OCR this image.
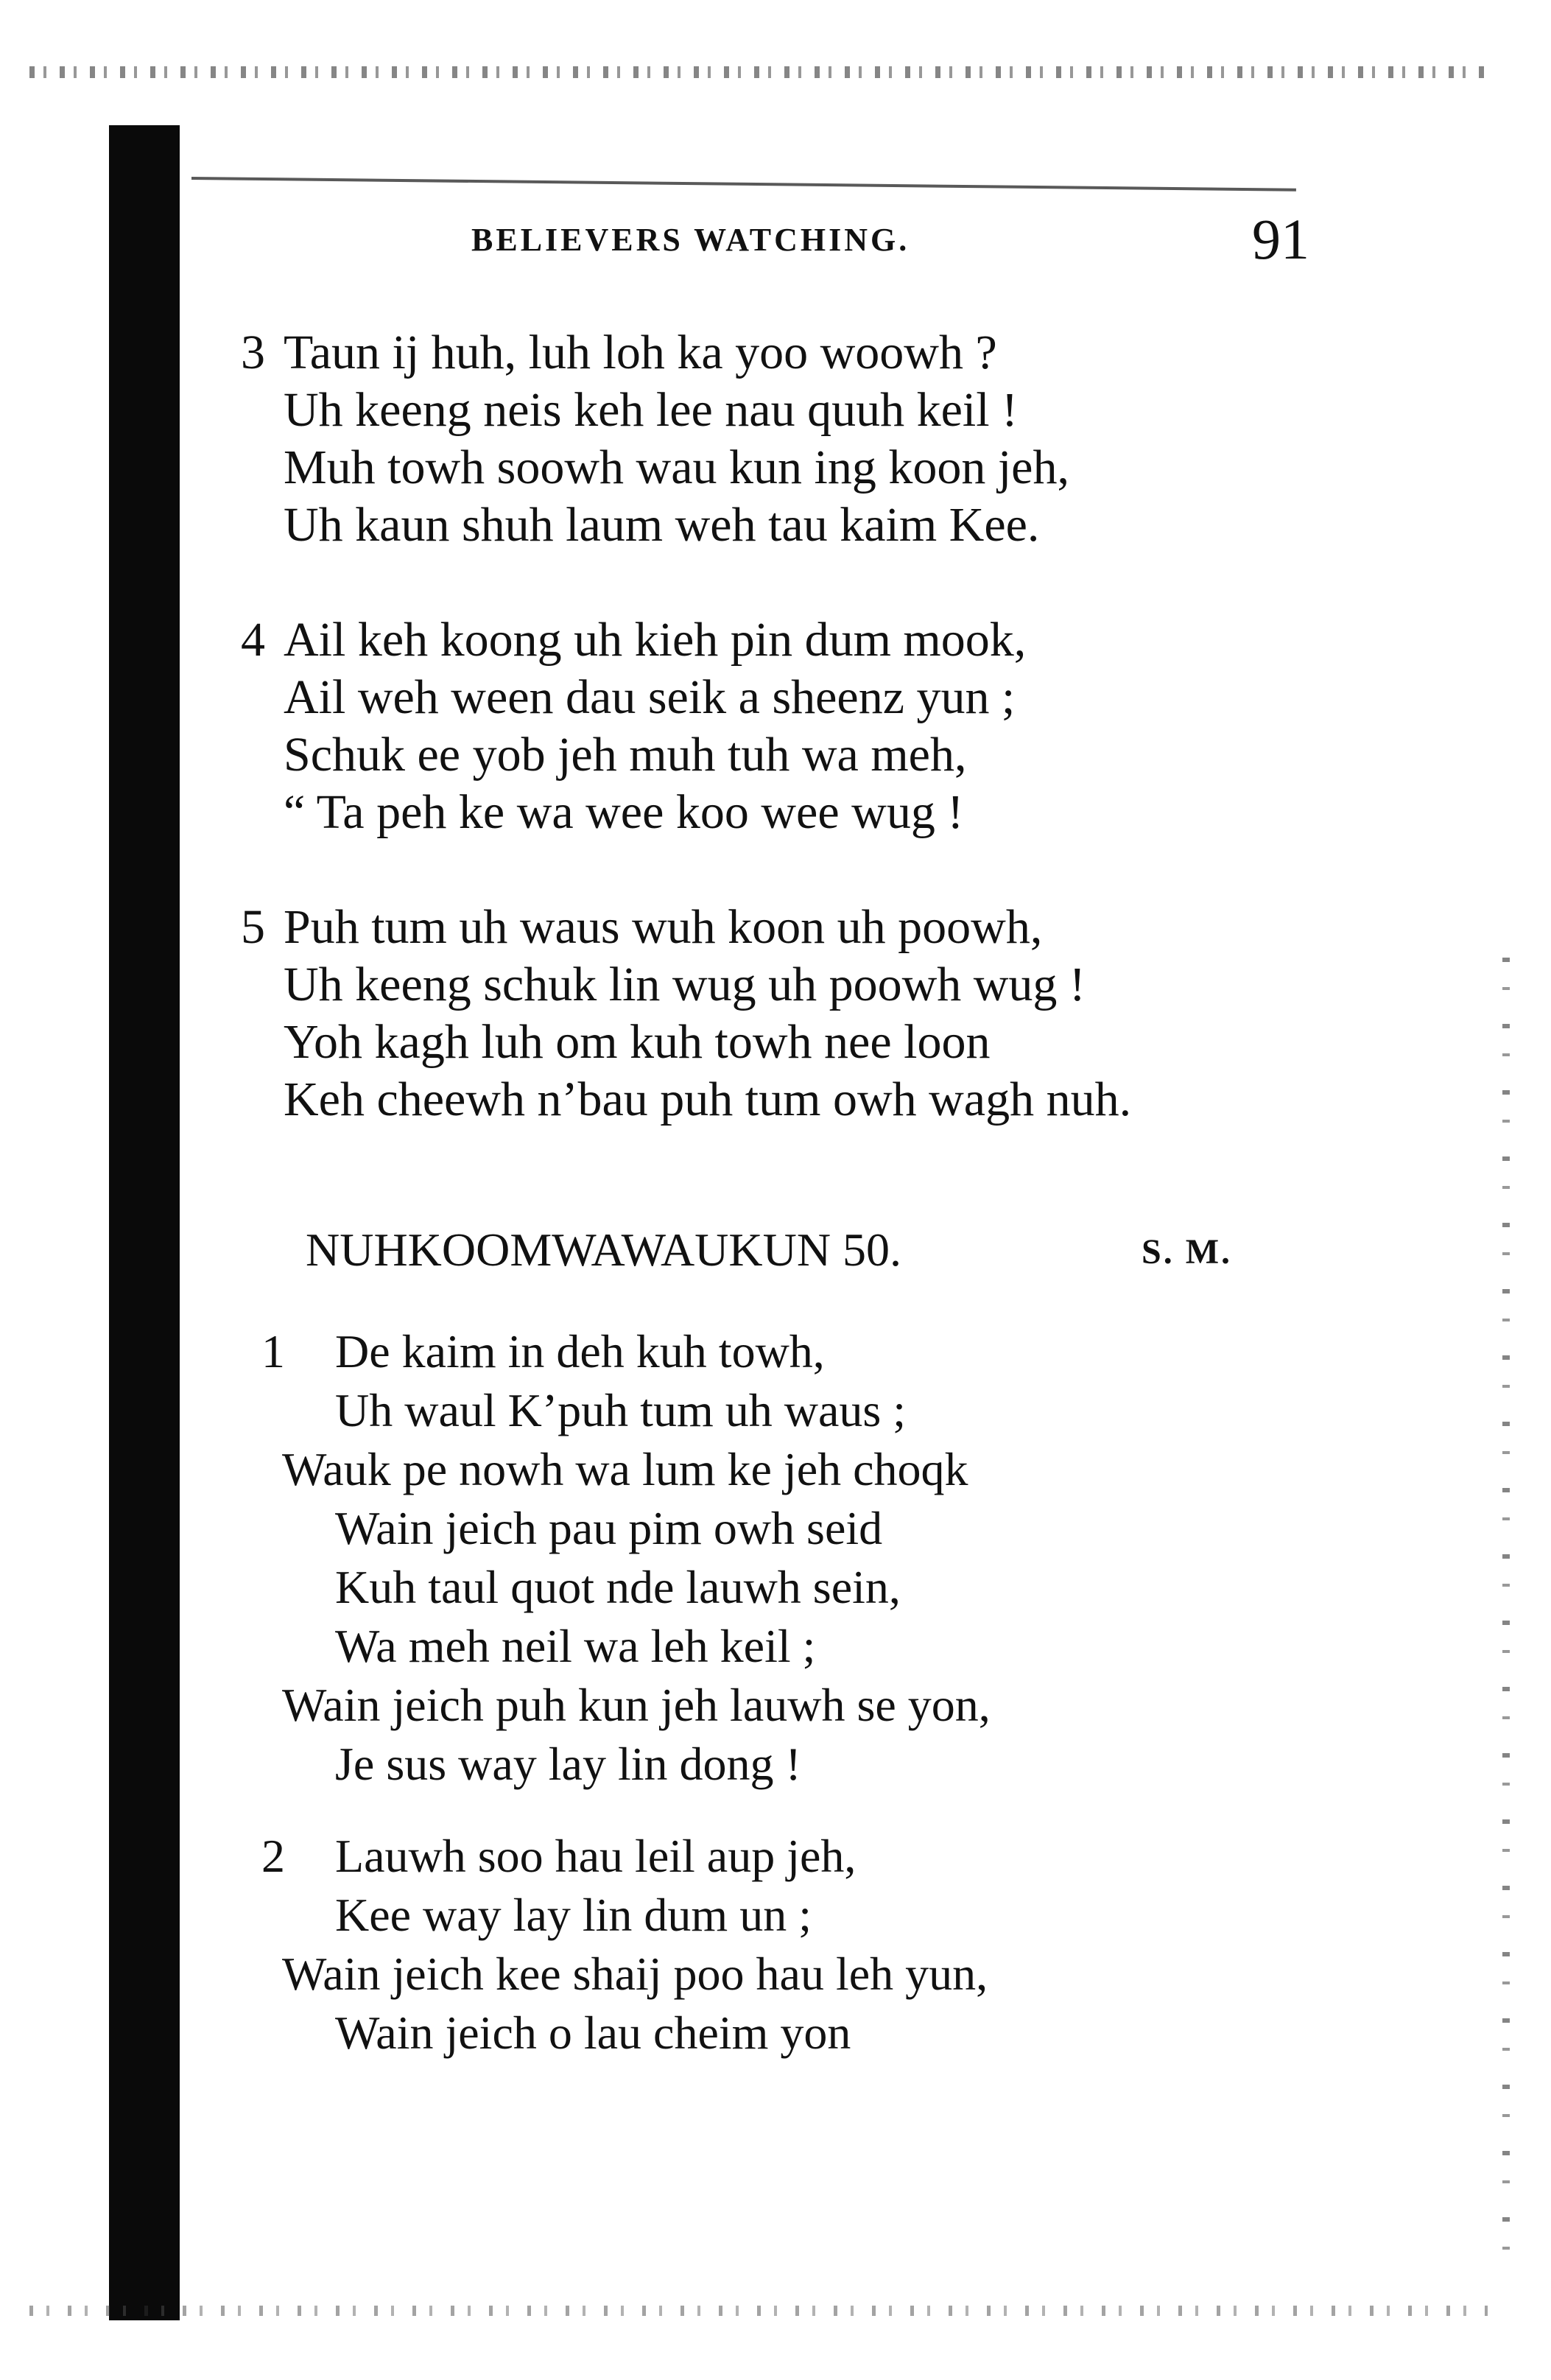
BELIEVERS WATCHING.	91
3 Taun ij huh, luh loh ka yoo woowh ?
Uh keeng neis keh lee nau quuh keil !
Muh towh soowh wau kun ing koon jeh,
Uh kaun shuh laum weh tau kaim Kee.
4 Ail keh koong uh kieh pin dum mook,
Ail weh ween dau seik a sheenz yun ;
Schuk ee yob jeh muh tuh wa meh,
“ Ta peh ke wa wee koo wee wug !
5 Puh tum uh waus wuh koon uh poowh,
Uh keeng schuk lin wug uh poowh wug !
Yoh kagh luh om kuh towh nee loon
Keh cheewh n’bau puh tum owh wagh nuh.
NUHKOOMWAWAUKUN 50.	S. M.
1 De kaim in deh kuh towh,
Uh waul K’puh tum uh waus ;
Wauk pe nowh wa lum ke jeh choqk
Wain jeich pau pim owh seid
Kuh taul quot nde lauwh sein,
Wa meh neil wa leh keil ;
Wain jeich puh kun jeh lauwh se yon,
Je sus way lay lin dong !
2 Lauwh soo hau leil aup jeh,
Kee way lay lin dum un ;
Wain jeich kee shaij poo hau leh yun,
Wain jeich o lau cheim yon
